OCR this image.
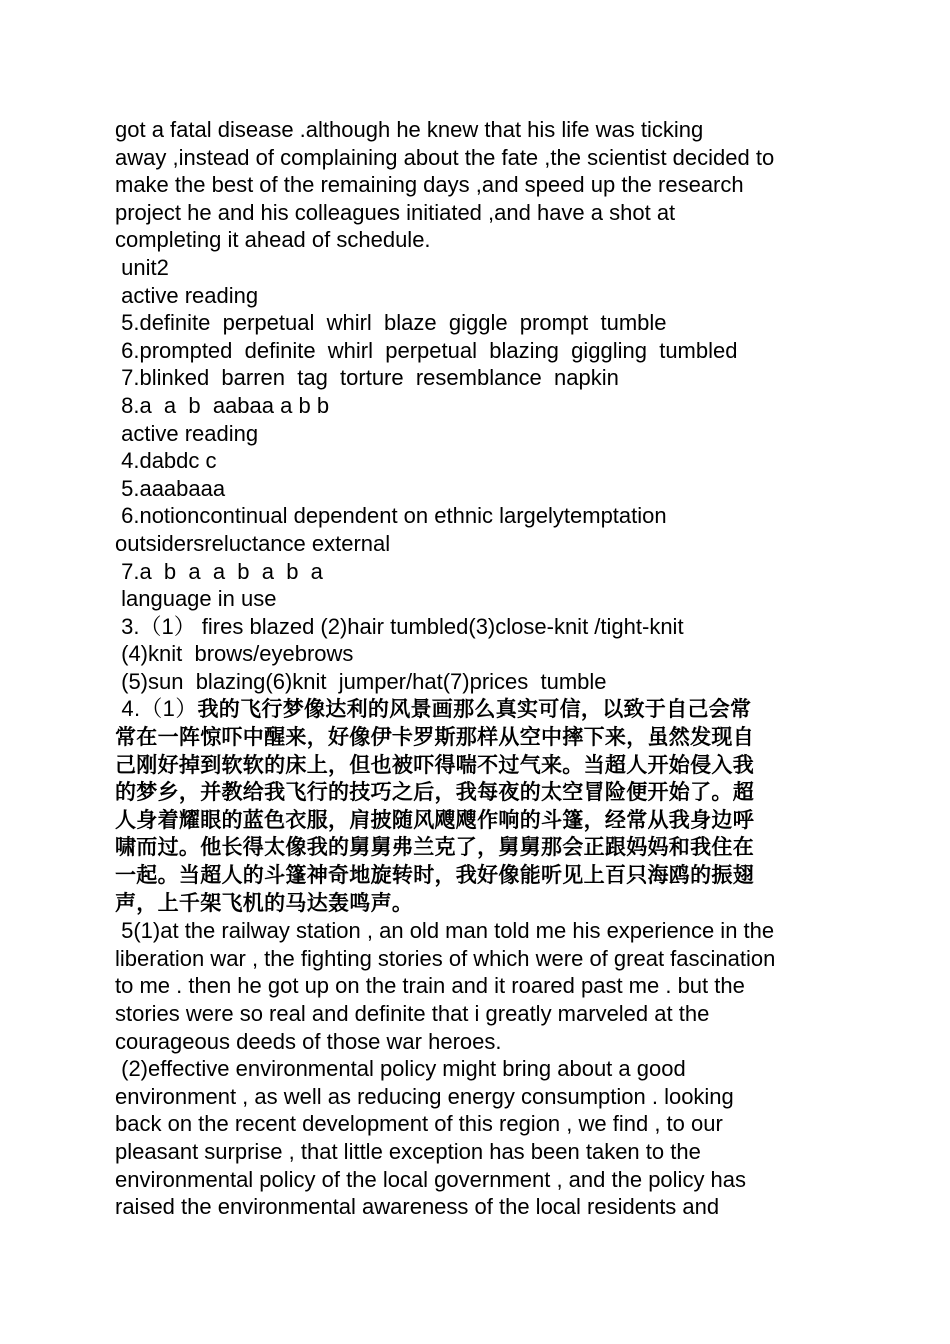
got a fatal disease .although he knew that his life was ticking

away ,instead of complaining about the fate ,the scientist decided to

make the best of the remaining days ,and speed up the research

project he and his colleagues initiated ,and have a shot at

completing it ahead of schedule.

unit2

active reading

5.definite  perpetual  whirl  blaze  giggle  prompt  tumble

6.prompted  definite  whirl  perpetual  blazing  giggling  tumbled

7.blinked  barren  tag  torture  resemblance  napkin

8.a  a  b  aabaa a b b

active reading

4.dabdc c

5.aaabaaa

6.notioncontinual dependent on ethnic largelytemptation

outsidersreluctance external

7.a  b  a  a  b  a  b  a

language in use

3.（1） fires blazed (2)hair tumbled(3)close-knit /tight-knit

(4)knit  brows/eyebrows

(5)sun  blazing(6)knit  jumper/hat(7)prices  tumble

4.（1）我的飞行梦像达利的风景画那么真实可信，以致于自己会常

常在一阵惊吓中醒来，好像伊卡罗斯那样从空中摔下来，虽然发现自

己刚好掉到软软的床上，但也被吓得喘不过气来。当超人开始侵入我

的梦乡，并教给我飞行的技巧之后，我每夜的太空冒险便开始了。超

人身着耀眼的蓝色衣服，肩披随风飕飕作响的斗篷，经常从我身边呼

啸而过。他长得太像我的舅舅弗兰克了，舅舅那会正跟妈妈和我住在

一起。当超人的斗篷神奇地旋转时，我好像能听见上百只海鸥的振翅

声，上千架飞机的马达轰鸣声。

5(1)at the railway station , an old man told me his experience in the

liberation war , the fighting stories of which were of great fascination

to me . then he got up on the train and it roared past me . but the

stories were so real and definite that i greatly marveled at the

courageous deeds of those war heroes.

(2)effective environmental policy might bring about a good

environment , as well as reducing energy consumption . looking

back on the recent development of this region , we find , to our

pleasant surprise , that little exception has been taken to the

environmental policy of the local government , and the policy has

raised the environmental awareness of the local residents and
